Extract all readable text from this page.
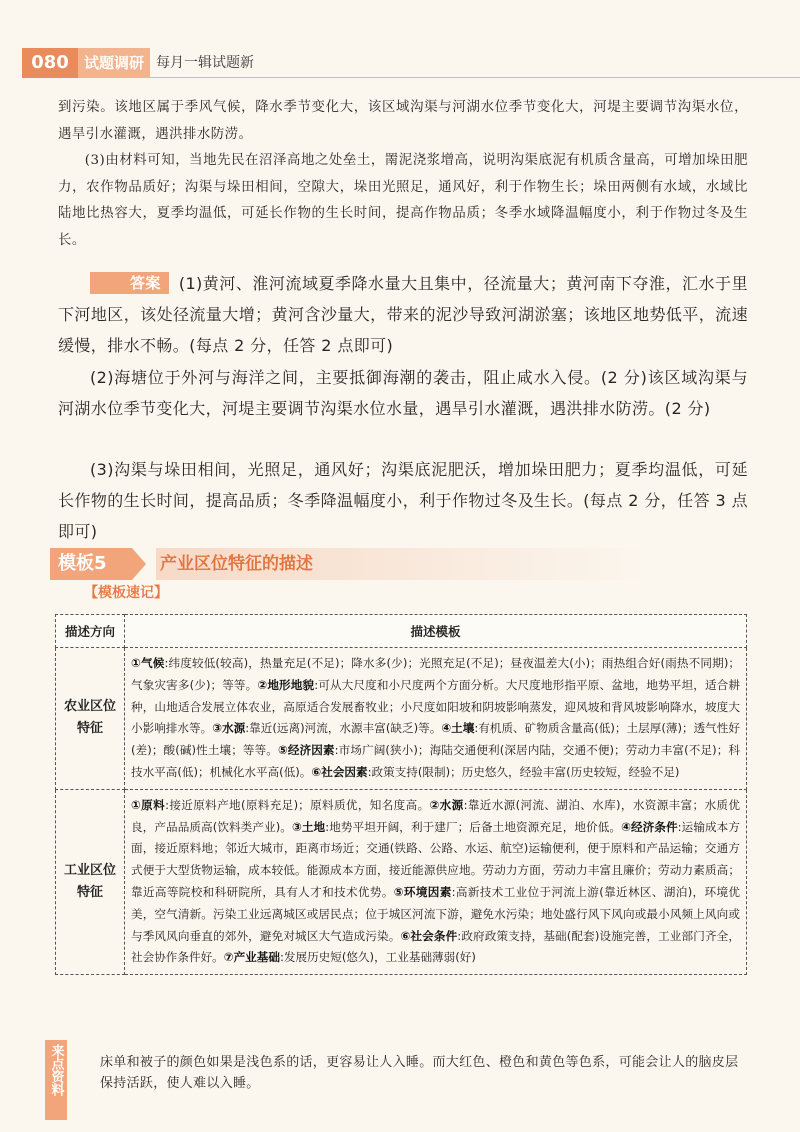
080	试题调研 每月一辑试题新

到污染。该地区属于季风气候，降水季节变化大，该区域沟渠与河湖水位季节变化大，河堤主要调节沟渠水位，遇旱引水灌溉，遇洪排水防涝。

(3)由材料可知，当地先民在沼泽高地之处垒土，罱泥浇浆增高，说明沟渠底泥有机质含量高，可增加垛田肥力，农作物品质好；沟渠与垛田相间，空隙大，垛田光照足，通风好，利于作物生长；垛田两侧有水域，水域比陆地比热容大，夏季均温低，可延长作物的生长时间，提高作物品质；冬季水域降温幅度小，利于作物过冬及生长。

答案 (1)黄河、淮河流域夏季降水量大且集中，径流量大；黄河南下夺淮，汇水于里下河地区，该处径流量大增；黄河含沙量大，带来的泥沙导致河湖淤塞；该地区地势低平，流速缓慢，排水不畅。(每点 2 分，任答 2 点即可)

(2)海塘位于外河与海洋之间，主要抵御海潮的袭击，阻止咸水入侵。(2 分)该区域沟渠与河湖水位季节变化大，河堤主要调节沟渠水位水量，遇旱引水灌溉，遇洪排水防涝。(2 分)

(3)沟渠与垛田相间，光照足，通风好；沟渠底泥肥沃，增加垛田肥力；夏季均温低，可延长作物的生长时间，提高品质；冬季降温幅度小，利于作物过冬及生长。(每点 2 分，任答 3 点即可)

模板5	产业区位特征的描述
【模板速记】
描述方向	描述模板
农业区位
特征	①气候:纬度较低(较高)，热量充足(不足)；降水多(少)；光照充足(不足)；昼夜温差大(小)；雨热组合好(雨热不同期)；气象灾害多(少)；等等。②地形地貌:可从大尺度和小尺度两个方面分析。大尺度地形指平原、盆地，地势平坦，适合耕种，山地适合发展立体农业，高原适合发展畜牧业；小尺度如阳坡和阴坡影响蒸发，迎风坡和背风坡影响降水，坡度大小影响排水等。③水源:靠近(远离)河流，水源丰富(缺乏)等。④土壤:有机质、矿物质含量高(低)；土层厚(薄)；透气性好(差)；酸(碱)性土壤；等等。⑤经济因素:市场广阔(狭小)；海陆交通便利(深居内陆，交通不便)；劳动力丰富(不足)；科技水平高(低)；机械化水平高(低)。⑥社会因素:政策支持(限制)；历史悠久，经验丰富(历史较短，经验不足)
工业区位
特征	①原料:接近原料产地(原料充足)；原料质优，知名度高。②水源:靠近水源(河流、湖泊、水库)，水资源丰富；水质优良，产品品质高(饮料类产业)。③土地:地势平坦开阔，利于建厂；后备土地资源充足，地价低。④经济条件:运输成本方面，接近原料地；邻近大城市，距离市场近；交通(铁路、公路、水运、航空)运输便利，便于原料和产品运输；交通方式便于大型货物运输，成本较低。能源成本方面，接近能源供应地。劳动力方面，劳动力丰富且廉价；劳动力素质高；靠近高等院校和科研院所，具有人才和技术优势。⑤环境因素:高新技术工业位于河流上游(靠近林区、湖泊)，环境优美，空气清新。污染工业远离城区或居民点；位于城区河流下游，避免水污染；地处盛行风下风向或最小风频上风向或与季风风向垂直的郊外，避免对城区大气造成污染。⑥社会条件:政府政策支持，基础(配套)设施完善，工业部门齐全，社会协作条件好。⑦产业基础:发展历史短(悠久)，工业基础薄弱(好)
来点资料	床单和被子的颜色如果是浅色系的话，更容易让人入睡。而大红色、橙色和黄色等色系，可能会让人的脑皮层保持活跃，使人难以入睡。
